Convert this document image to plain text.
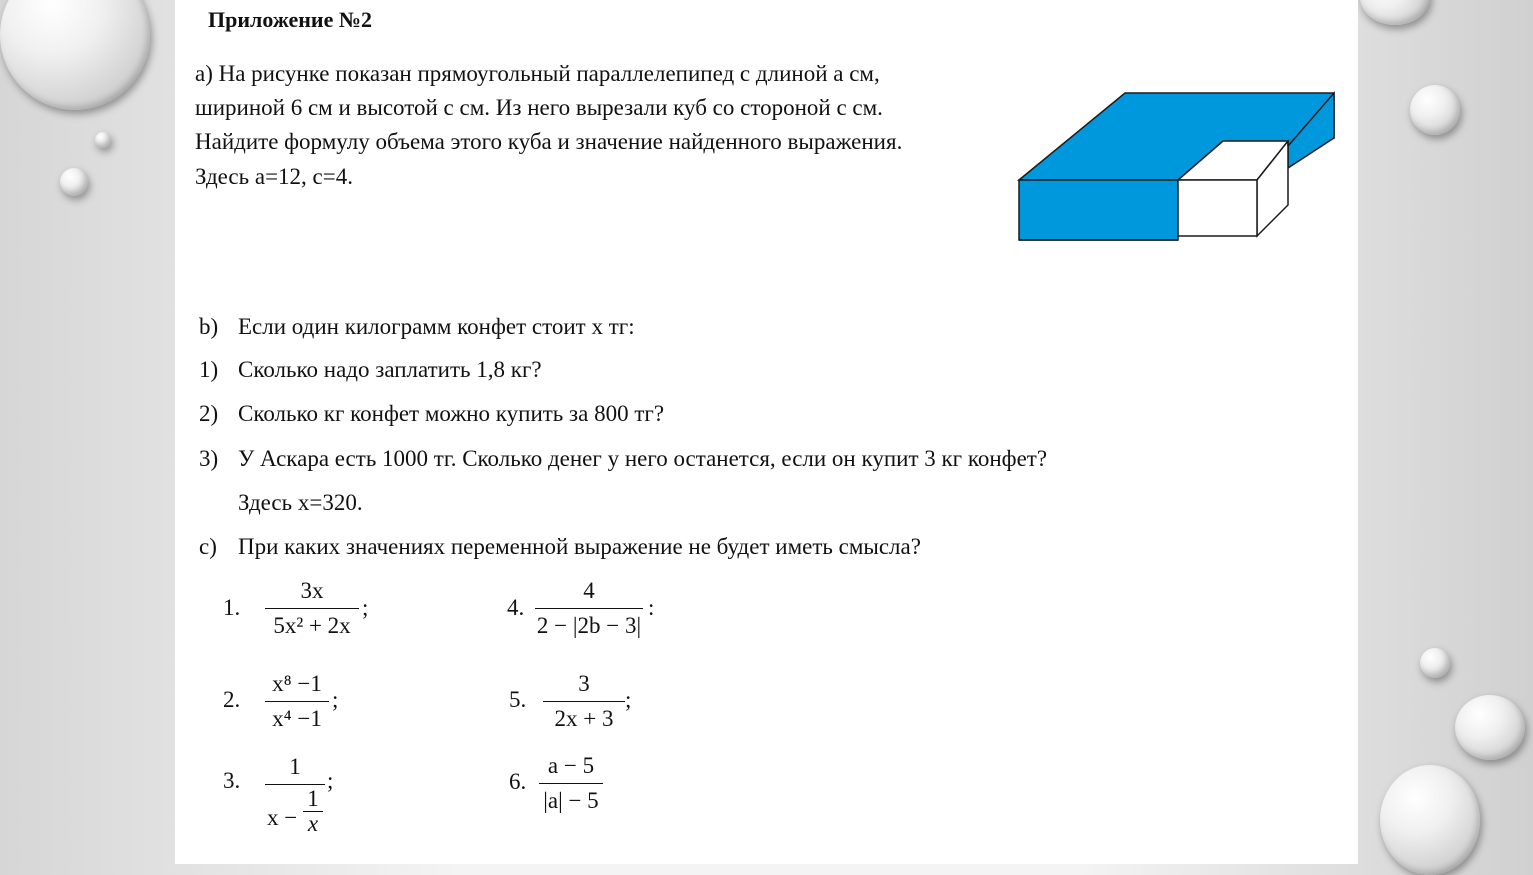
Приложение №2
а) На рисунке показан прямоугольный параллелепипед с длиной a см,
шириной 6 см и высотой c см. Из него вырезали куб со стороной c см.
Найдите формулу объема этого куба и значение найденного выражения.
Здесь a=12, c=4.
b) Если один килограмм конфет стоит x тг:
1) Сколько надо заплатить 1,8 кг?
2) Сколько кг конфет можно купить за 800 тг?
3) У Аскара есть 1000 тг. Сколько денег у него останется, если он купит 3 кг конфет?
Здесь x=320.
c) При каких значениях переменной выражение не будет иметь смысла?
1.
3x
5x² + 2x
;
2.
x⁸ −1
x⁴ −1
;
3.
1
x −
1
x
;
4.
4
2 − |2b − 3|
:
5.
3
2x + 3
;
6.
a − 5
|a| − 5
